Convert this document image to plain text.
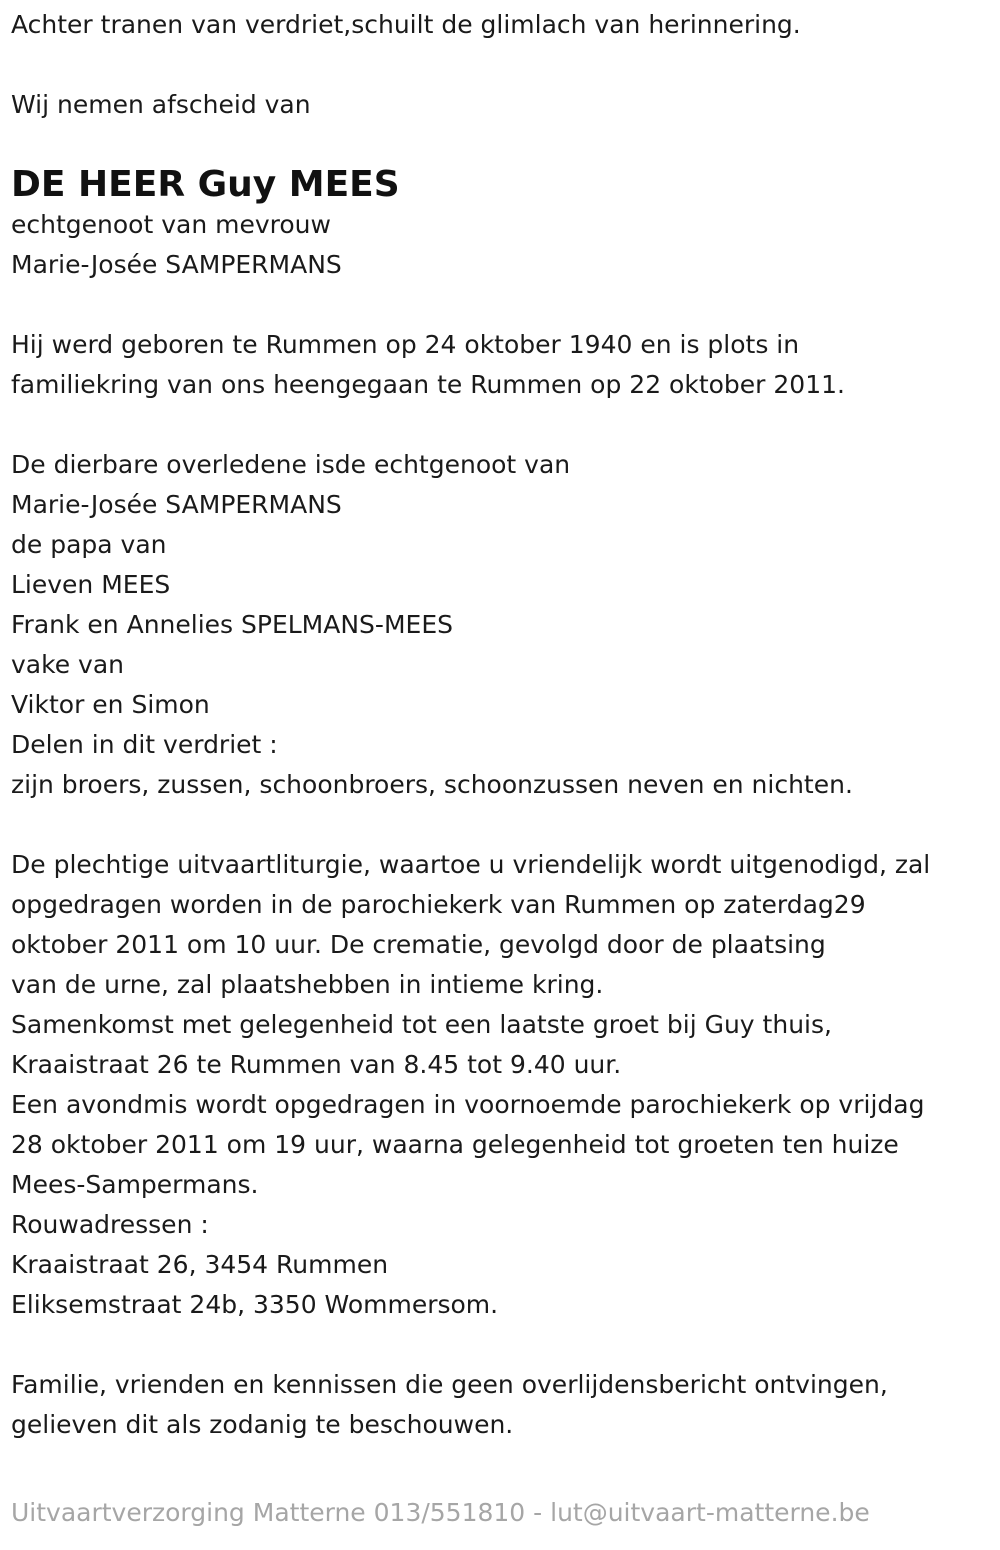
Achter tranen van verdriet,schuilt de glimlach van herinnering.
Wij nemen afscheid van
DE HEER Guy MEES
echtgenoot van mevrouw
Marie-Josée SAMPERMANS
Hij werd geboren te Rummen op 24 oktober 1940 en is plots in
familiekring van ons heengegaan te Rummen op 22 oktober 2011.
De dierbare overledene isde echtgenoot van
Marie-Josée SAMPERMANS
de papa van
Lieven MEES
Frank en Annelies SPELMANS-MEES
vake van
Viktor en Simon
Delen in dit verdriet :
zijn broers, zussen, schoonbroers, schoonzussen neven en nichten.
De plechtige uitvaartliturgie, waartoe u vriendelijk wordt uitgenodigd, zal
opgedragen worden in de parochiekerk van Rummen op zaterdag29
oktober 2011 om 10 uur. De crematie, gevolgd door de plaatsing
van de urne, zal plaatshebben in intieme kring.
Samenkomst met gelegenheid tot een laatste groet bij Guy thuis,
Kraaistraat 26 te Rummen van 8.45 tot 9.40 uur.
Een avondmis wordt opgedragen in voornoemde parochiekerk op vrijdag
28 oktober 2011 om 19 uur, waarna gelegenheid tot groeten ten huize
Mees-Sampermans.
Rouwadressen :
Kraaistraat 26, 3454 Rummen
Eliksemstraat 24b, 3350 Wommersom.
Familie, vrienden en kennissen die geen overlijdensbericht ontvingen,
gelieven dit als zodanig te beschouwen.
Uitvaartverzorging Matterne 013/551810 - lut@uitvaart-matterne.be
